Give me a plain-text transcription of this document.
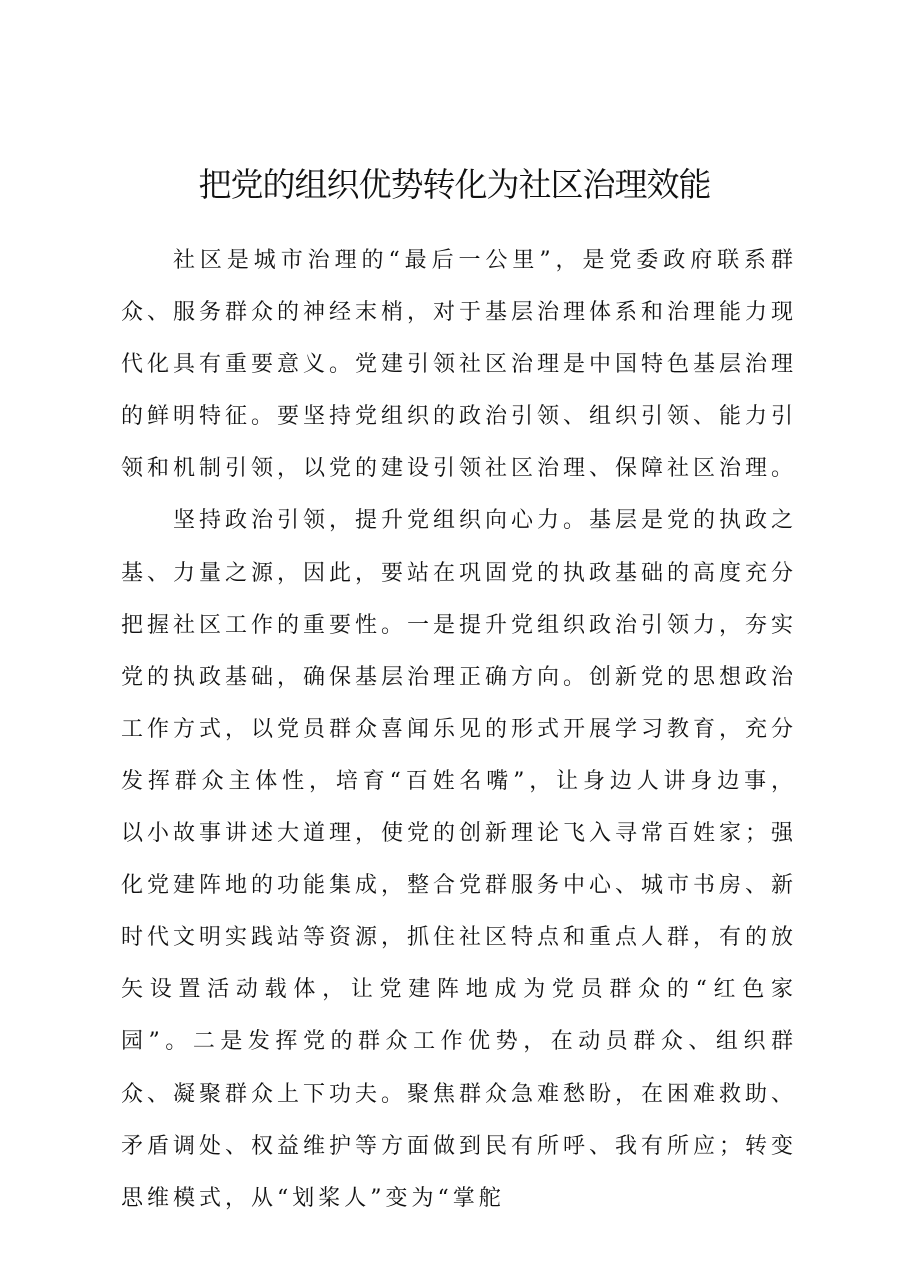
把党的组织优势转化为社区治理效能

社区是城市治理的“最后一公里”，是党委政府联系群众、服务群众的神经末梢，对于基层治理体系和治理能力现代化具有重要意义。党建引领社区治理是中国特色基层治理的鲜明特征。要坚持党组织的政治引领、组织引领、能力引领和机制引领，以党的建设引领社区治理、保障社区治理。

坚持政治引领，提升党组织向心力。基层是党的执政之基、力量之源，因此，要站在巩固党的执政基础的高度充分把握社区工作的重要性。一是提升党组织政治引领力，夯实党的执政基础，确保基层治理正确方向。创新党的思想政治工作方式，以党员群众喜闻乐见的形式开展学习教育，充分发挥群众主体性，培育“百姓名嘴”，让身边人讲身边事，以小故事讲述大道理，使党的创新理论飞入寻常百姓家；强化党建阵地的功能集成，整合党群服务中心、城市书房、新时代文明实践站等资源，抓住社区特点和重点人群，有的放矢设置活动载体，让党建阵地成为党员群众的“红色家园”。二是发挥党的群众工作优势，在动员群众、组织群众、凝聚群众上下功夫。聚焦群众急难愁盼，在困难救助、矛盾调处、权益维护等方面做到民有所呼、我有所应；转变思维模式，从“划桨人”变为“掌舵
